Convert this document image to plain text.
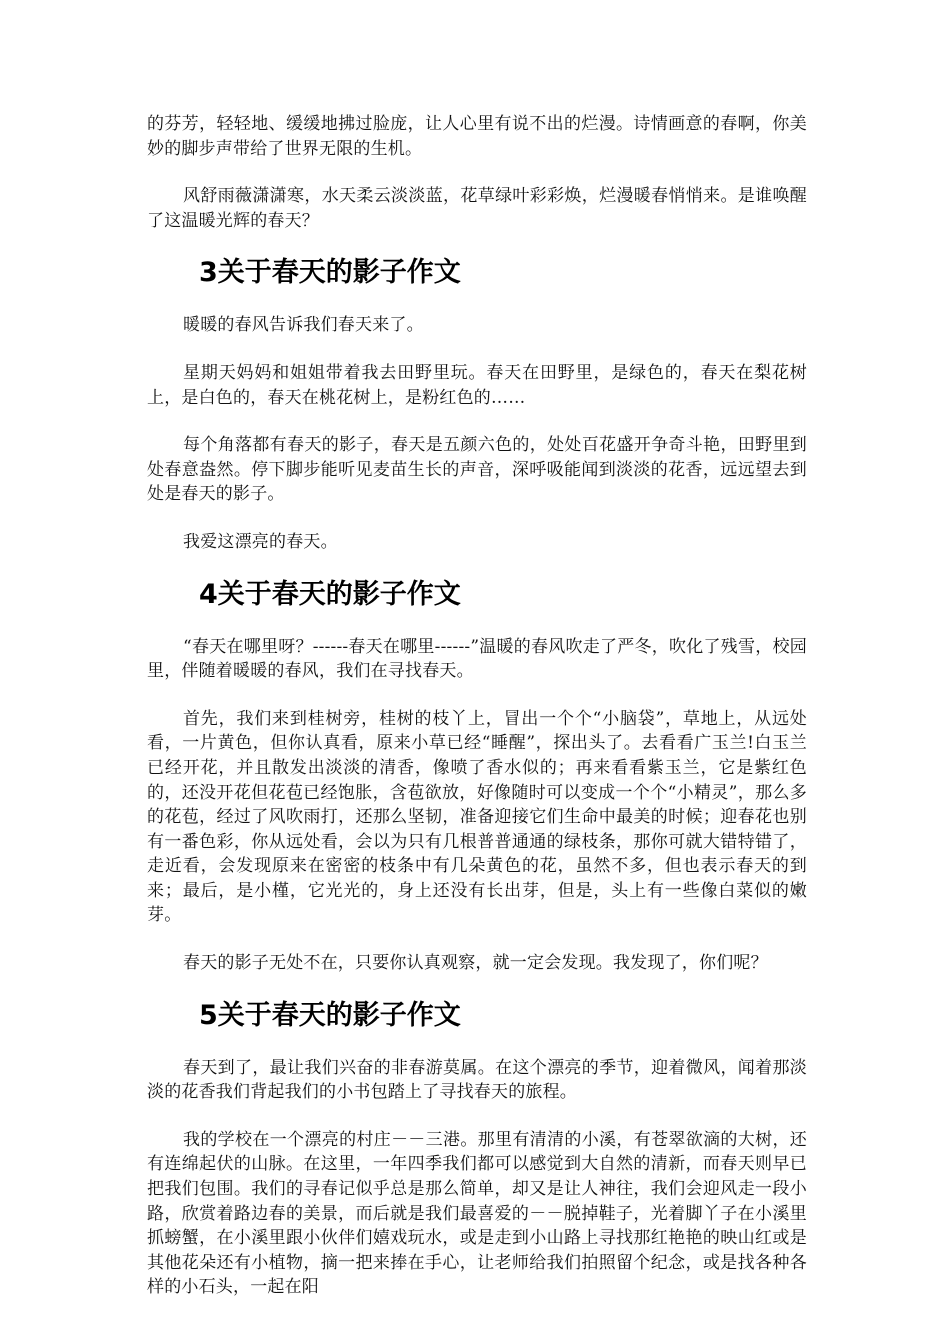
的芬芳，轻轻地、缓缓地拂过脸庞，让人心里有说不出的烂漫。诗情画意的春啊，你美妙的脚步声带给了世界无限的生机。

风舒雨薇潇潇寒，水天柔云淡淡蓝，花草绿叶彩彩焕，烂漫暖春悄悄来。是谁唤醒了这温暖光辉的春天？

3关于春天的影子作文

暖暖的春风告诉我们春天来了。

星期天妈妈和姐姐带着我去田野里玩。春天在田野里，是绿色的，春天在梨花树上，是白色的，春天在桃花树上，是粉红色的……

每个角落都有春天的影子，春天是五颜六色的，处处百花盛开争奇斗艳，田野里到处春意盎然。停下脚步能听见麦苗生长的声音，深呼吸能闻到淡淡的花香，远远望去到处是春天的影子。

我爱这漂亮的春天。

4关于春天的影子作文

“春天在哪里呀？------春天在哪里------”温暖的春风吹走了严冬，吹化了残雪，校园里，伴随着暖暖的春风，我们在寻找春天。

首先，我们来到桂树旁，桂树的枝丫上，冒出一个个“小脑袋”，草地上，从远处看，一片黄色，但你认真看，原来小草已经“睡醒”，探出头了。去看看广玉兰!白玉兰已经开花，并且散发出淡淡的清香，像喷了香水似的；再来看看紫玉兰，它是紫红色的，还没开花但花苞已经饱胀，含苞欲放，好像随时可以变成一个个“小精灵”，那么多的花苞，经过了风吹雨打，还那么坚韧，准备迎接它们生命中最美的时候；迎春花也别有一番色彩，你从远处看，会以为只有几根普普通通的绿枝条，那你可就大错特错了，走近看，会发现原来在密密的枝条中有几朵黄色的花，虽然不多，但也表示春天的到来；最后，是小槿，它光光的，身上还没有长出芽，但是，头上有一些像白菜似的嫩芽。

春天的影子无处不在，只要你认真观察，就一定会发现。我发现了，你们呢？

5关于春天的影子作文

春天到了，最让我们兴奋的非春游莫属。在这个漂亮的季节，迎着微风，闻着那淡淡的花香我们背起我们的小书包踏上了寻找春天的旅程。

我的学校在一个漂亮的村庄－－三港。那里有清清的小溪，有苍翠欲滴的大树，还有连绵起伏的山脉。在这里，一年四季我们都可以感觉到大自然的清新，而春天则早已把我们包围。我们的寻春记似乎总是那么简单，却又是让人神往，我们会迎风走一段小路，欣赏着路边春的美景，而后就是我们最喜爱的－－脱掉鞋子，光着脚丫子在小溪里抓螃蟹，在小溪里跟小伙伴们嬉戏玩水，或是走到小山路上寻找那红艳艳的映山红或是其他花朵还有小植物，摘一把来捧在手心，让老师给我们拍照留个纪念，或是找各种各样的小石头，一起在阳
